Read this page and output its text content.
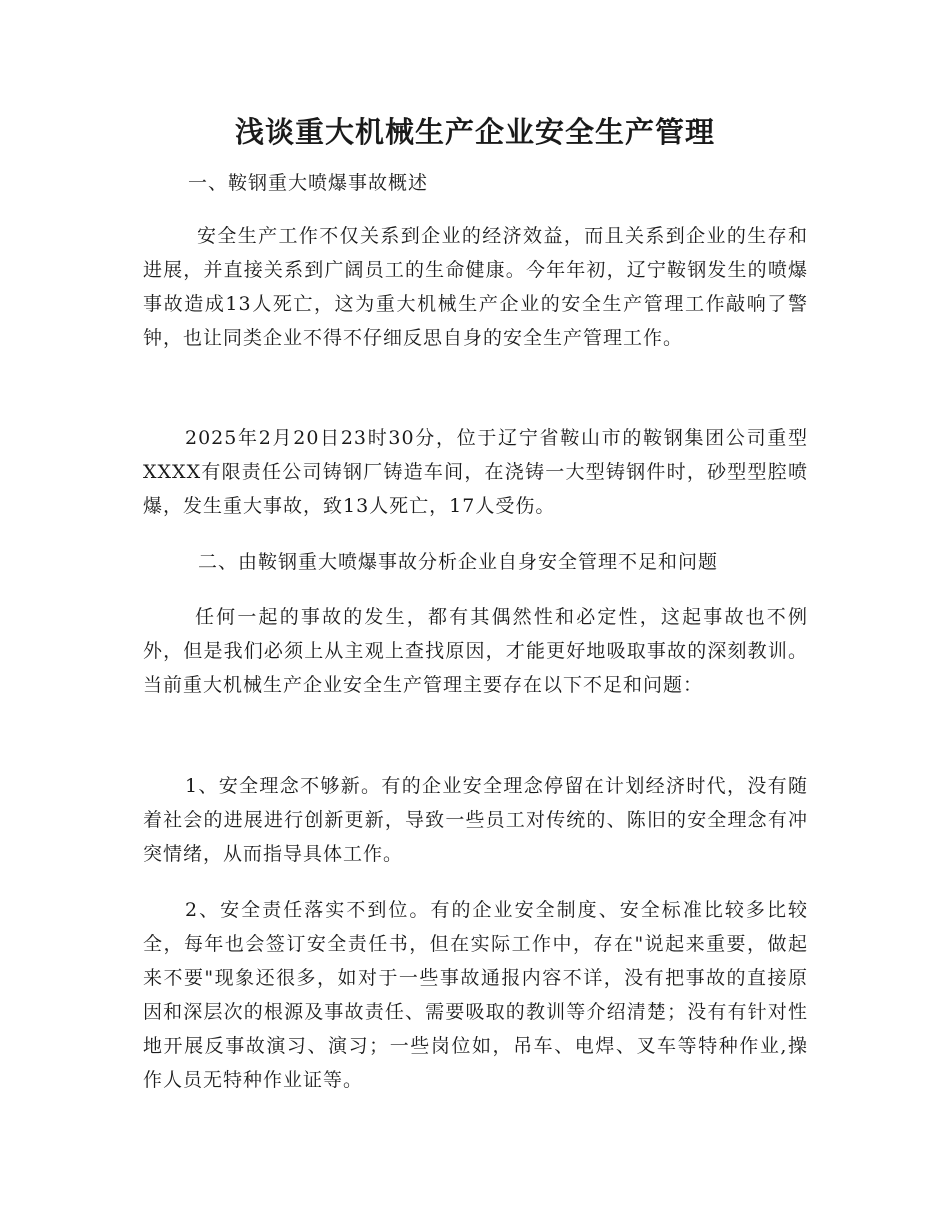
浅谈重大机械生产企业安全生产管理

一、鞍钢重大喷爆事故概述

安全生产工作不仅关系到企业的经济效益，而且关系到企业的生存和进展，并直接关系到广阔员工的生命健康。今年年初，辽宁鞍钢发生的喷爆事故造成13人死亡，这为重大机械生产企业的安全生产管理工作敲响了警钟，也让同类企业不得不仔细反思自身的安全生产管理工作。

2025年2月20日23时30分，位于辽宁省鞍山市的鞍钢集团公司重型XXXX有限责任公司铸钢厂铸造车间，在浇铸一大型铸钢件时，砂型型腔喷爆，发生重大事故，致13人死亡，17人受伤。

二、由鞍钢重大喷爆事故分析企业自身安全管理不足和问题

任何一起的事故的发生，都有其偶然性和必定性，这起事故也不例外，但是我们必须上从主观上查找原因，才能更好地吸取事故的深刻教训。当前重大机械生产企业安全生产管理主要存在以下不足和问题：

1、安全理念不够新。有的企业安全理念停留在计划经济时代，没有随着社会的进展进行创新更新，导致一些员工对传统的、陈旧的安全理念有冲突情绪，从而指导具体工作。

2、安全责任落实不到位。有的企业安全制度、安全标准比较多比较全，每年也会签订安全责任书，但在实际工作中，存在"说起来重要，做起来不要"现象还很多，如对于一些事故通报内容不详，没有把事故的直接原因和深层次的根源及事故责任、需要吸取的教训等介绍清楚；没有有针对性地开展反事故演习、演习；一些岗位如，吊车、电焊、叉车等特种作业,操作人员无特种作业证等。
